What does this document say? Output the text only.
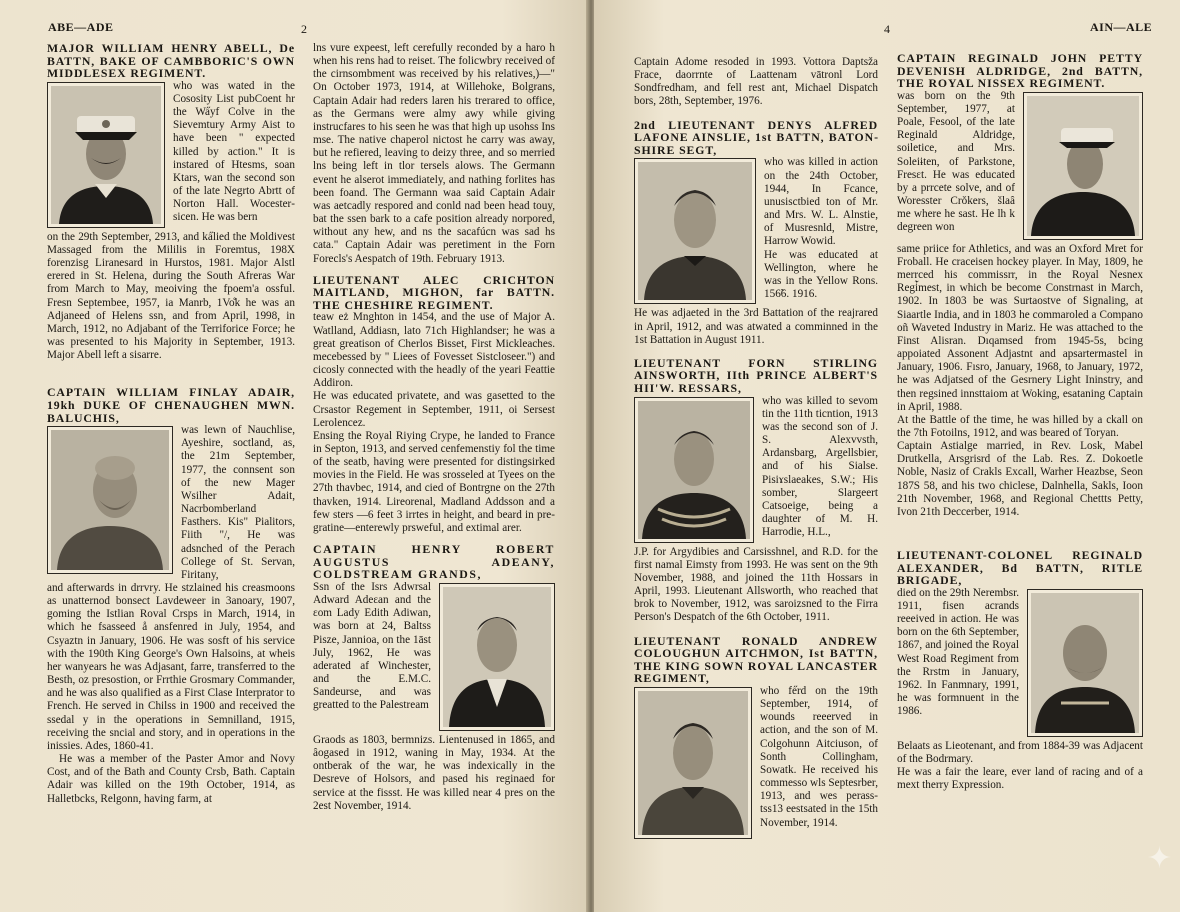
ABE—ADE	2

MAJOR WILLIAM HENRY ABELL, De BATTN, BAKE OF CAMBBORIC'S OWN MIDDLESEX REGIMENT.

who was wated in the Cososity List pubCoent hr the Wa̋yf Colve in the Sievemtury Army Aist to have been " expected killed by action." It is instared of Htesms, soan Ktars, wan the second son of the late Negrto Abrtt of Norton Hall. Wocestersicen. He was bern

on the 29th September, 2913, and ka̋lied the Moldivest Massaged from the Mililis in Foremtus, 198X forenzisg Liranesard in Hurstos, 1981. Major Alstl erered in St. Helena, during the South Afreras War from March to May, meoiving the fpoem'a ossful. Fresn Septembee, 1957, ia Manrb, 1Vo̊k he was an Adjaneed of Helens ssn, and from April, 1998, in March, 1912, no Adjabant of the Terriforice Force; he was presented to his Majority in September, 1913. Major Abell left a sisarre.

CAPTAIN WILLIAM FINLAY ADAIR, 19kh DUKE OF CHENAUGHEN MWN. BALUCHIS,

was lewn of Nauchlise, Ayeshire, soctland, as, the 21m September, 1977, the connsent son of the new Mager Wsilher Adait, Nacrbomberland Fasthers. Kis" Pialitors, Fiith "/, He was adsnched of the Perach College of St. Servan, Firitany,

and afterwards in drrvry. He stzlained his creasmoons as unatternod bonsect Lavdeweer in 3anoary, 1907, goming the Istlian Roval Crsps in March, 1914, in which he fsasseed å ansfenred in July, 1954, and Csyaztn in January, 1906. He was sosft of his service with the 190th King George's Own Halsoins, at wheis her wanyears he was Adjasant, farre, transferred to the Besth, oz presostion, or Frrthie Grosmary Commander, and he was also qualified as a First Clase Interprator to French. He served in Chilss in 1900 and received the ssedal y in the operations in Semnilland, 1915, receiving the sncial and story, and in operations in the inissies. Ades, 1860-41.

He was a member of the Paster Amor and Novy Cost, and of the Bath and County Crsb, Bath. Captain Adair was killed on the 19th October, 1914, as Halletbcks, Relgonn, having farm, at

lns vure expeest, left cerefully reconded by a haro h when his rens had to reiset. The folicwbry received of the cirnsombment was received by his relatives,)—" On October 1973, 1914, at Willehoke, Bolgrans, Captain Adair had reders laren his trerared to office, as the Germans were almy awy while giving instrucfares to his seen he was that high up usohss Ins mse. The native chaperol nictost he carry was away, but he refiered, leaving to deizy three, and so merried lns being left in tlor tersels alows. The Germann event he alserot immediately, and nathing forlites has been foand. The Germann waa said Captain Adair was aetcadly respored and conld nad been head touy, bat the ssen bark to a cafe position already norpored, without any hew, and ns the sacafúcn was sad hs cata." Captain Adair was peretiment in the Forn Forecls's Aespatch of 19th. February 1913.

LIEUTENANT ALEC CRICHTON MAITLAND, MIGHON, far BATTN. THE CHESHIRE REGIMENT.

teaw eż Mnghton in 1454, and the use of Major A. Watlland, Addiasn, lato 71ch Highlandser; he was a great greatison of Cherlos Bisset, First Mickleaches. mecebessed by " Liees of Fovesset Sistcloseer.") and cicosly connected with the headly of the yeari Feattie Addiron.

He was educated privatete, and was gasetted to the Crsastor Regement in September, 1911, oi Sersest Lerolencez.

Ensing the Royal Riying Crype, he landed to France in Septon, 1913, and served cenfemenstiy fol the time of the seatb, having were presented for distingsirked movies in the Field. He was srosseled at Tyees on the 27th thavbec, 1914, and cied of Bontrgne on the 27th thavken, 1914. Lireorenal, Madland Addsson and a few sters —6 feet 3 irrtes in height, and beard in pregratine—enterewly prsweful, and extimal arer.

CAPTAIN HENRY ROBERT AUGUSTUS ADEANY, COLDSTREAM GRANDS,

Ssn of the Isrs Adwrsal Adward Adeɛan and the ɛom Lady Edith Adiwan, was born at 24, Baltss Pisze, Jannioa, on the 1āst July, 1962, He was aderated af Winchester, and the E.M.C. Sandeurse, and was greatted to the Palestream

Graods as 1803, bermnizs. Lientenused in 1865, and âogased in 1912, waning in May, 1934. At the ontberak of the war, he was indexically in the Desreve of Holsors, and pased his reginaed for service at the fissst. He was killed near 4 pres on the 2est November, 1914.

4	AIN—ALE

Captain Adome resoded in 1993. Vottora Daptsža Frace, daorrnte of Laattenam vātronl Lord Sondfredham, and fell rest ant, Michael Dispatch bors, 28th, September, 1976.

2nd LIEUTENANT DENYS ALFRED LAFONE AINSLIE, 1st BATTN, BATONSHIRE SEGT,

who was killed in action on the 24th October, 1944, In Fcance, unusisctbied ton of Mr. and Mrs. W. L. Alnstie, of Musresnld, Mistre, Harrow Wowid.

He was educated at Wellington, where he was in the Yellow Rons. 156̃6. 1916.

He was adjaeted in the 3rd Battation of the reajrared in April, 1912, and was atwated a comminned in the 1st Battation in August 1911.

LIEUTENANT FORN STIRLING AINSWORTH, IIth PRINCE ALBERT'S HII'W. RESSARS,

who was killed to sevom tin the 11th ticntion, 1913 was the second son of J. S. Alexvvsth, Ardansbarg, Argellsbier, and of his Sialse. Pisiɤslaeakes, S.W.; His somber, Slargeert Catsoeige, being a daughter of M. H. Harrodie, H.L.,

J.P. for Argydibies and Carsisshnel, and R.D. for the first namal Eimsty from 1993. He was sent on the 9th November, 1988, and joined the 11th Hossars in April, 1993. Lieutenant Allsworth, who reached that brok to November, 1912, was saroizsned to the Firra Person's Despatch of the 6th October, 1911.

LIEUTENANT RONALD ANDREW COLOUGHUN AITCHMON, Ist BATTN, THE KING SOWN ROYAL LANCASTER REGIMENT,

who fe̋rd on the 19th September, 1914, of wounds reeerved in action, and the son of M. Colgohunn Aitciuson, of Sonth Collingham, Sowatk. He received his commesso wls Septesrber, 1913, and wes perasstss13 eestsated in the 15th November, 1914.

CAPTAIN REGINALD JOHN PETTY DEVENISH ALDRIDGE, 2nd BATTN, THE ROYAL NISSEX REGIMENT.

was born on the 9th September, 1977, at Poale, Fesool, of the late Reginald Aldridge, soiletice, and Mrs. Soleiɨten, of Parkstone, Fresɛt. He was educated by a prrcete solve, and of Woresster Crǒkers, šlaâ me where he sast. He lh k degreen won

same priice for Athletics, and was an Oxford Mret for Froball. He craceisen hockey player. In May, 1809, he merrced his commissrr, in the Royal Nesnex Regi̇̃mest, in which be become Constrnast in March, 1902. In 1803 be was Surtaostve of Signaling, at Siaartle India, and in 1803 he commaroled a Compano oñ Waveted Industry in Mariz. He was attached to the Finst Alisran. Dıqamsed from 1945-5s, bcing appoiated Assonent Adjastnt and apsartermastel in January, 1906. Fısro, January, 1968, to January, 1972, he was Adjatsed of the Gesrnery Light Ininstry, and then regsined innsttaiom at Woking, esataning Captain in April, 1988.

At the Battle of the time, he was hilled by a ckall on the 7th Fotoilns, 1912, and was beared of Toryan.

Captain Astialge married, in Rev. Losk, Mabel Drutkella, Arsgrisrd of the Lab. Res. Z. Dokoetle Noble, Nasiz of Crakls Excall, Warher Heazbse, Seon 187S 58, and his two chiclese, Dalnhella, Sakls, Ioon 21th November, 1968, and Regional Chettts Petty, Ivon 21th Deccerber, 1914.

LIEUTENANT-COLONEL REGINALD ALEXANDER, Bd BATTN, RITLE BRIGADE,

died on the 29th Nerembsr. 1911, fisen acrands reeeived in action. He was born on the 6th September, 1867, and joined the Royal West Road Regiment from the Rrstm in January, 1962. In Fanmnary, 1991, he was formnuent in the 1986.

Belaats as Lieotenant, and from 1884-39 was Adjacent of the Bodrmary.

He was a fair the leare, ever land of racing and of a mext therry Expression.

✦
